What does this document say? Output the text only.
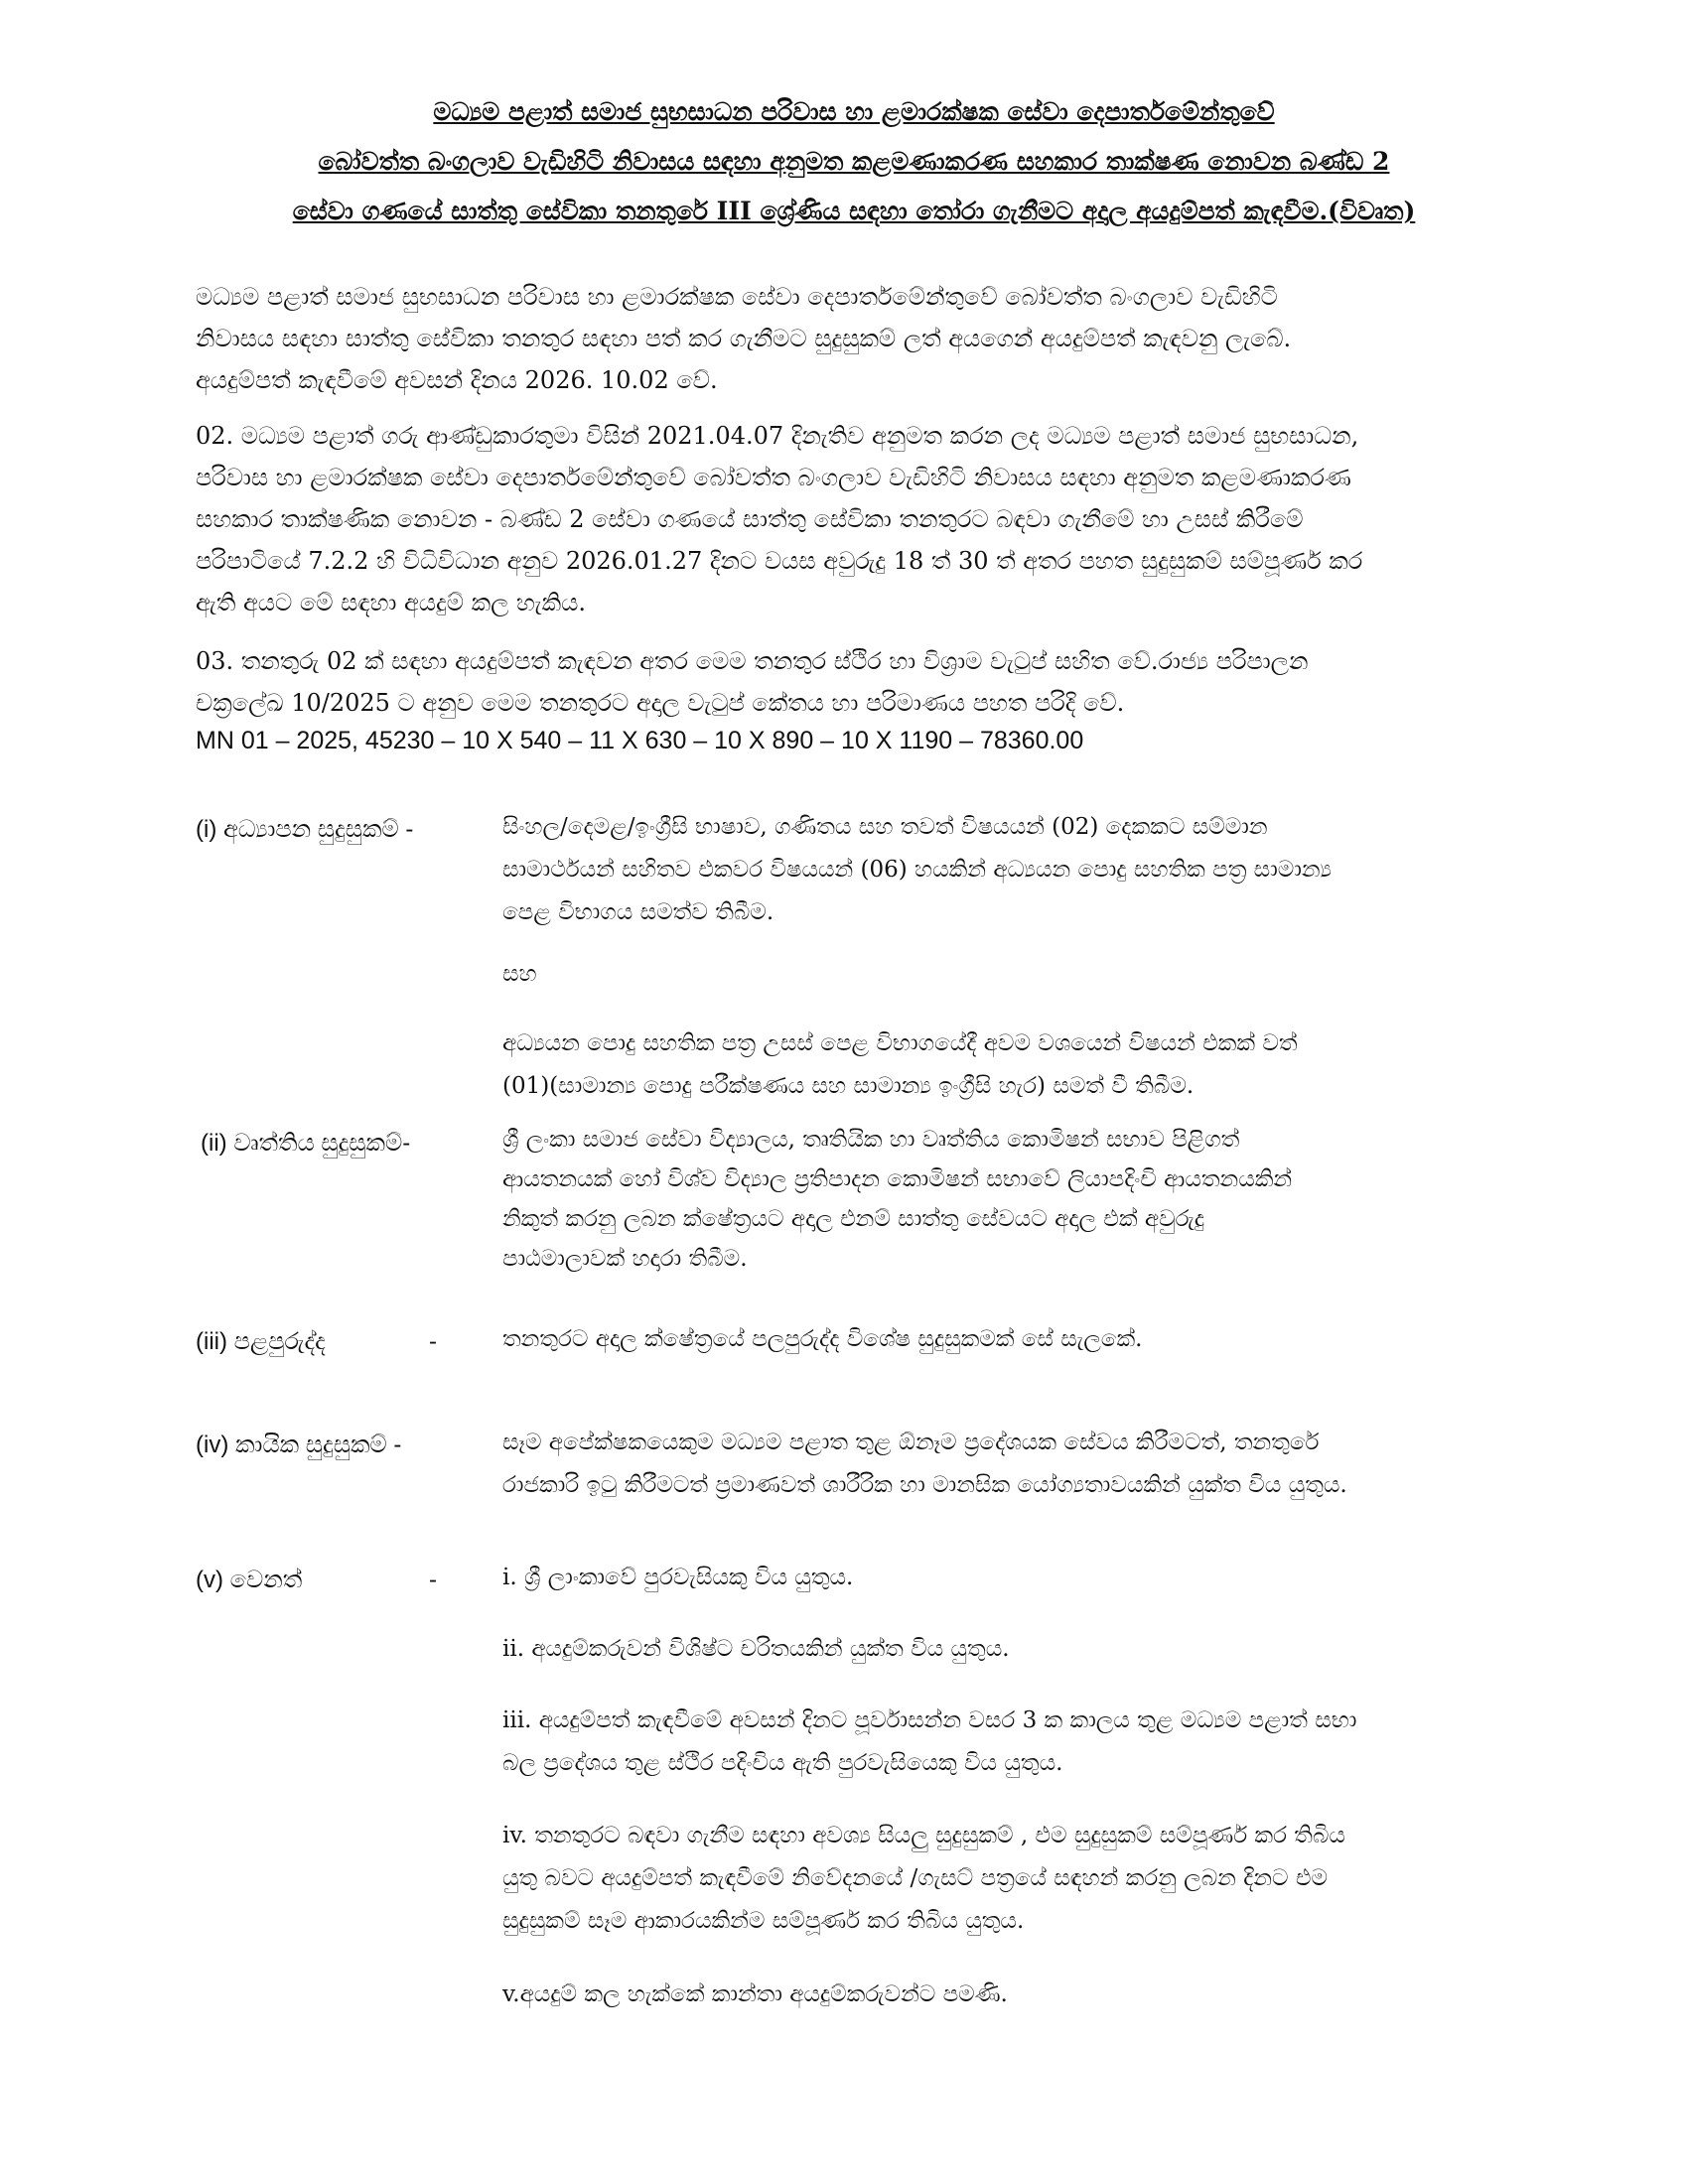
මධ්‍යම පළාත් සමාජ සුභසාධන පරිවාස හා ළමාරක්ෂක සේවා දෙපාර්තමේන්තුවේ
බෝවත්ත බංගලාව වැඩිහිටි නිවාසය සඳහා අනුමත කළමණාකරණ සහකාර තාක්ෂණ නොවන බණ්ඩ 2
සේවා ගණයේ සාත්තු සේවිකා තනතුරේ III ශ්‍රේණිය සඳහා තෝරා ගැනීමට අදාල අයදුම්පත් කැඳවීම.(විවෘත)
මධ්‍යම පළාත් සමාජ සුභසාධන පරිවාස හා ළමාරක්ෂක සේවා දෙපාර්තමේන්තුවේ බෝවත්ත බංගලාව වැඩිහිටි
නිවාසය සඳහා සාත්තු සේවිකා තනතුර සඳහා පත් කර ගැනීමට සුදුසුකම් ලත් අයගෙන් අයදුම්පත් කැඳවනු ලැබේ.
අයදුම්පත් කැඳවීමේ අවසන් දිනය 2026. 10.02 වේ.
02. මධ්‍යම පළාත් ගරු ආණ්ඩුකාරතුමා විසින් 2021.04.07 දිනැතිව අනුමත කරන ලද මධ්‍යම පළාත් සමාජ සුභසාධන,
පරිවාස හා ළමාරක්ෂක සේවා දෙපාර්තමේන්තුවේ බෝවත්ත බංගලාව වැඩිහිටි නිවාසය සඳහා අනුමත කළමණාකරණ
සහකාර තාක්ෂණික නොවන - බණ්ඩ 2 සේවා ගණයේ සාත්තු සේවිකා තනතුරට බඳවා ගැනීමේ හා උසස් කිරීමේ
පරිපාටියේ 7.2.2 හි විධිවිධාන අනුව 2026.01.27 දිනට වයස අවුරුදු 18 ත් 30 ත් අතර පහත සුදුසුකම් සම්පූර්ණ කර
ඇති අයට මේ සඳහා අයදුම් කල හැකිය.
03. තනතුරු 02 ක් සඳහා අයදුම්පත් කැඳවන අතර මෙම තනතුර ස්ථිර හා විශ්‍රාම වැටුප් සහිත වේ.රාජ්‍ය පරිපාලන
චක්‍රලේඛ 10/2025 ට අනුව මෙම තනතුරට අදාල වැටුප් කේතය හා පරිමාණය පහත පරිදි වේ.
MN 01 – 2025, 45230 – 10 X 540 – 11 X 630 – 10 X 890 – 10 X 1190 – 78360.00
(i) අධ්‍යාපන සුදුසුකම් -	සිංහල/දෙමළ/ඉංග්‍රීසි භාෂාව, ගණිතය සහ තවත් විෂයයන් (02) දෙකකට සම්මාන
සාමාර්ථයන් සහිතව එකවර විෂයයන් (06) හයකින් අධ්‍යයන පොදු සහතික පත්‍ර සාමාන්‍ය
පෙළ විභාගය සමත්ව තිබීම.
සහ
අධ්‍යයන පොදු සහතික පත්‍ර උසස් පෙළ විභාගයේදී අවම වශයෙන් විෂයන් එකක් වත්
(01)(සාමාන්‍ය පොදු පරීක්ෂණය සහ සාමාන්‍ය ඉංග්‍රීසි හැර) සමත් වී තිබීම.
(ii) වෘත්තිය සුදුසුකම්-	ශ්‍රී ලංකා සමාජ සේවා විද්‍යාලය, තෘතියික හා වෘත්තිය කොමිෂන් සභාව පිළිගත්
ආයතනයක් හෝ විශ්ව විද්‍යාල ප්‍රතිපාදන කොමිෂන් සභාවේ ලියාපදිංචි ආයතනයකින්
නිකුත් කරනු ලබන ක්ෂේත්‍රයට අදාල එනම් සාත්තු සේවයට අදාල එක් අවුරුදු
පාඨමාලාවක් හදාරා තිබීම.
(iii) පළපුරුද්ද	-	තනතුරට අදාල ක්ෂේත්‍රයේ පලපුරුද්ද විශේෂ සුදුසුකමක් සේ සැලකේ.
(iv) කායික සුදුසුකම් -	සෑම අපේක්ෂකයෙකුම මධ්‍යම පළාත තුළ ඕනෑම ප්‍රදේශයක සේවය කිරීමටත්, තනතුරේ
රාජකාරි ඉටු කිරීමටත් ප්‍රමාණවත් ශාරීරික හා මානසික යෝග්‍යතාවයකින් යුක්ත විය යුතුය.
(v) වෙනත්	-	i. ශ්‍රී ලාංකාවේ පුරවැසියකු විය යුතුය.
ii. අයදුම්කරුවන් විශිෂ්ට චරිතයකින් යුක්ත විය යුතුය.
iii. අයදුම්පත් කැඳවීමේ අවසන් දිනට පූර්වාසන්න වසර 3 ක කාලය තුළ මධ්‍යම පළාත් සභා
බල ප්‍රදේශය තුළ ස්ථිර පදිංචිය ඇති පුරවැසියෙකු විය යුතුය.
iv. තනතුරට බඳවා ගැනීම සඳහා අවශ්‍ය සියලු සුදුසුකම් , එම සුදුසුකම් සම්පූර්ණ කර තිබිය
යුතු බවට අයදුම්පත් කැඳවීමේ නිවේදනයේ /ගැසට් පත්‍රයේ සඳහන් කරනු ලබන දිනට එම
සුදුසුකම් සෑම ආකාරයකින්ම සම්පූර්ණ කර තිබිය යුතුය.
v.අයදුම් කල හැක්කේ කාන්තා අයදුම්කරුවන්ට පමණි.
